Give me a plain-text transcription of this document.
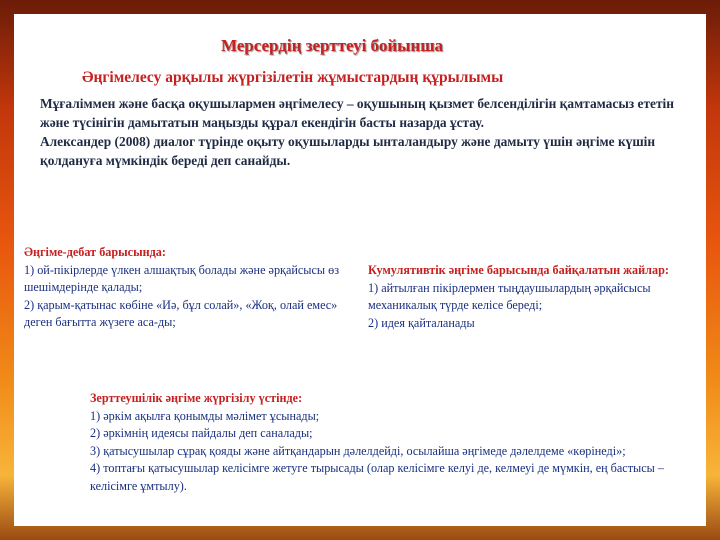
Мерсердің зерттеуі бойынша
Әңгімелесу арқылы жүргізілетін жұмыстардың құрылымы

Мұғаліммен және басқа оқушылармен әңгімелесу – оқушының қызмет белсенділігін қамтамасыз ететін және түсінігін дамытатын маңызды құрал екендігін басты назарда ұстау.

Александер (2008) диалог түрінде оқыту оқушыларды ынталандыру және дамыту үшін әңгіме күшін қолдануға мүмкіндік береді деп санайды.

Әңгіме-дебат барысында:
1) ой-пікірлерде үлкен алшақтық болады және әрқайсысы өз шешімдерінде қалады;
2) қарым-қатынас көбіне «Иә, бұл солай», «Жоқ, олай емес» деген бағытта жүзеге аса-ды;
Кумулятивтік әңгіме барысында байқалатын жайлар:
1) айтылған пікірлермен тыңдаушылардың әрқайсысы механикалық түрде келісе береді;
2) идея қайталанады
Зерттеушілік әңгіме жүргізілу үстінде:
1) әркім ақылға қонымды мәлімет ұсынады;
2) әркімнің идеясы пайдалы деп саналады;
3) қатысушылар сұрақ қояды және айтқандарын дәлелдейді, осылайша әңгімеде дәлелдеме «көрінеді»;
4) топтағы қатысушылар келісімге жетуге тырысады (олар келісімге келуі де, келмеуі де мүмкін, ең бастысы – келісімге ұмтылу).
